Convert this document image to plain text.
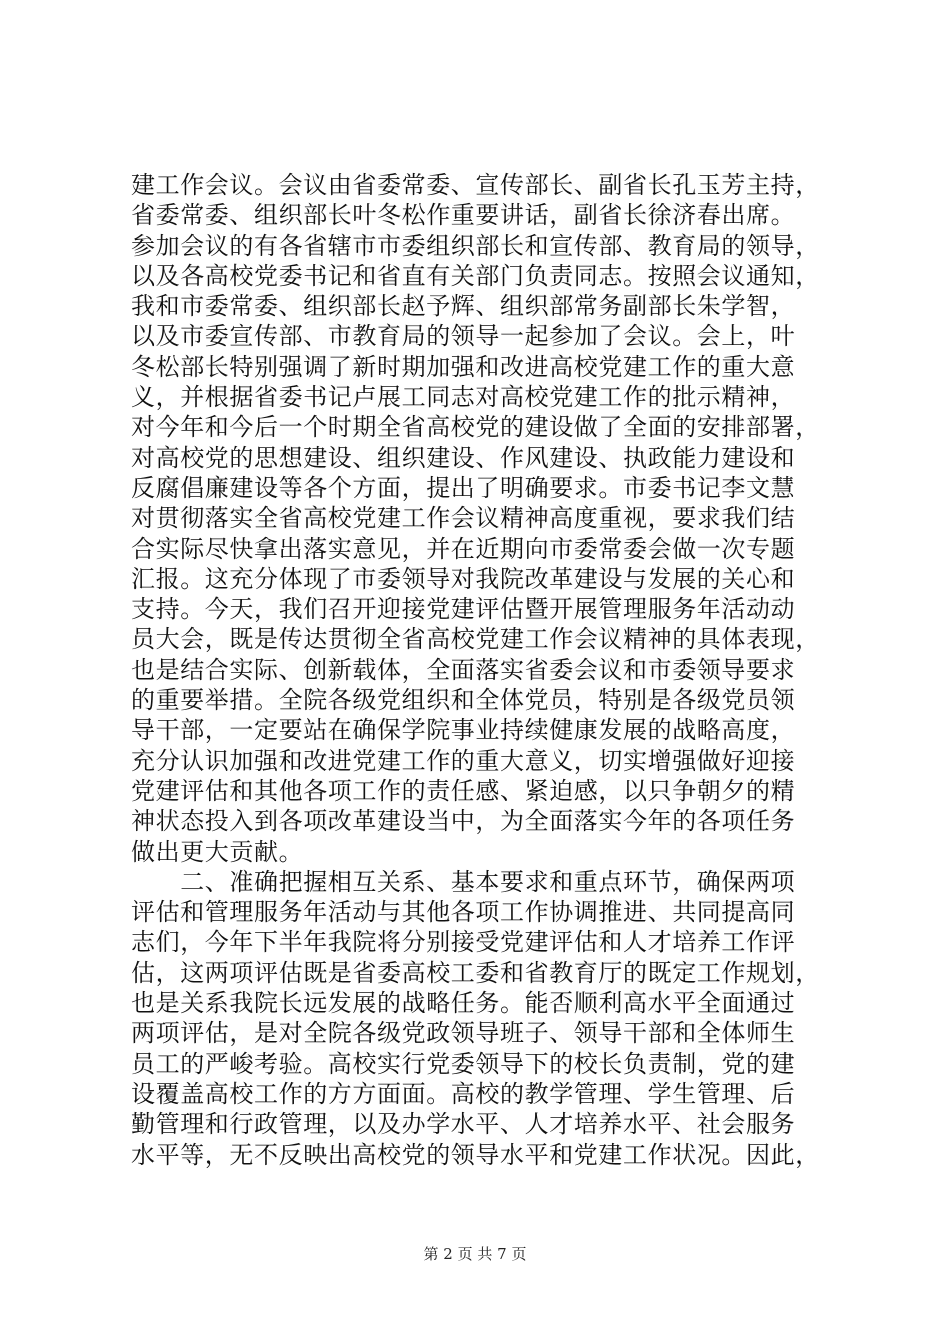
建工作会议。会议由省委常委、宣传部长、副省长孔玉芳主持，
省委常委、组织部长叶冬松作重要讲话，副省长徐济春出席。
参加会议的有各省辖市市委组织部长和宣传部、教育局的领导，
以及各高校党委书记和省直有关部门负责同志。按照会议通知，
我和市委常委、组织部长赵予辉、组织部常务副部长朱学智，
以及市委宣传部、市教育局的领导一起参加了会议。会上，叶
冬松部长特别强调了新时期加强和改进高校党建工作的重大意
义，并根据省委书记卢展工同志对高校党建工作的批示精神，
对今年和今后一个时期全省高校党的建设做了全面的安排部署，
对高校党的思想建设、组织建设、作风建设、执政能力建设和
反腐倡廉建设等各个方面，提出了明确要求。市委书记李文慧
对贯彻落实全省高校党建工作会议精神高度重视，要求我们结
合实际尽快拿出落实意见，并在近期向市委常委会做一次专题
汇报。这充分体现了市委领导对我院改革建设与发展的关心和
支持。今天，我们召开迎接党建评估暨开展管理服务年活动动
员大会，既是传达贯彻全省高校党建工作会议精神的具体表现，
也是结合实际、创新载体，全面落实省委会议和市委领导要求
的重要举措。全院各级党组织和全体党员，特别是各级党员领
导干部，一定要站在确保学院事业持续健康发展的战略高度，
充分认识加强和改进党建工作的重大意义，切实增强做好迎接
党建评估和其他各项工作的责任感、紧迫感，以只争朝夕的精
神状态投入到各项改革建设当中，为全面落实今年的各项任务
做出更大贡献。
　　二、准确把握相互关系、基本要求和重点环节，确保两项
评估和管理服务年活动与其他各项工作协调推进、共同提高同
志们，今年下半年我院将分别接受党建评估和人才培养工作评
估，这两项评估既是省委高校工委和省教育厅的既定工作规划，
也是关系我院长远发展的战略任务。能否顺利高水平全面通过
两项评估，是对全院各级党政领导班子、领导干部和全体师生
员工的严峻考验。高校实行党委领导下的校长负责制，党的建
设覆盖高校工作的方方面面。高校的教学管理、学生管理、后
勤管理和行政管理，以及办学水平、人才培养水平、社会服务
水平等，无不反映出高校党的领导水平和党建工作状况。因此，
第 2 页 共 7 页
